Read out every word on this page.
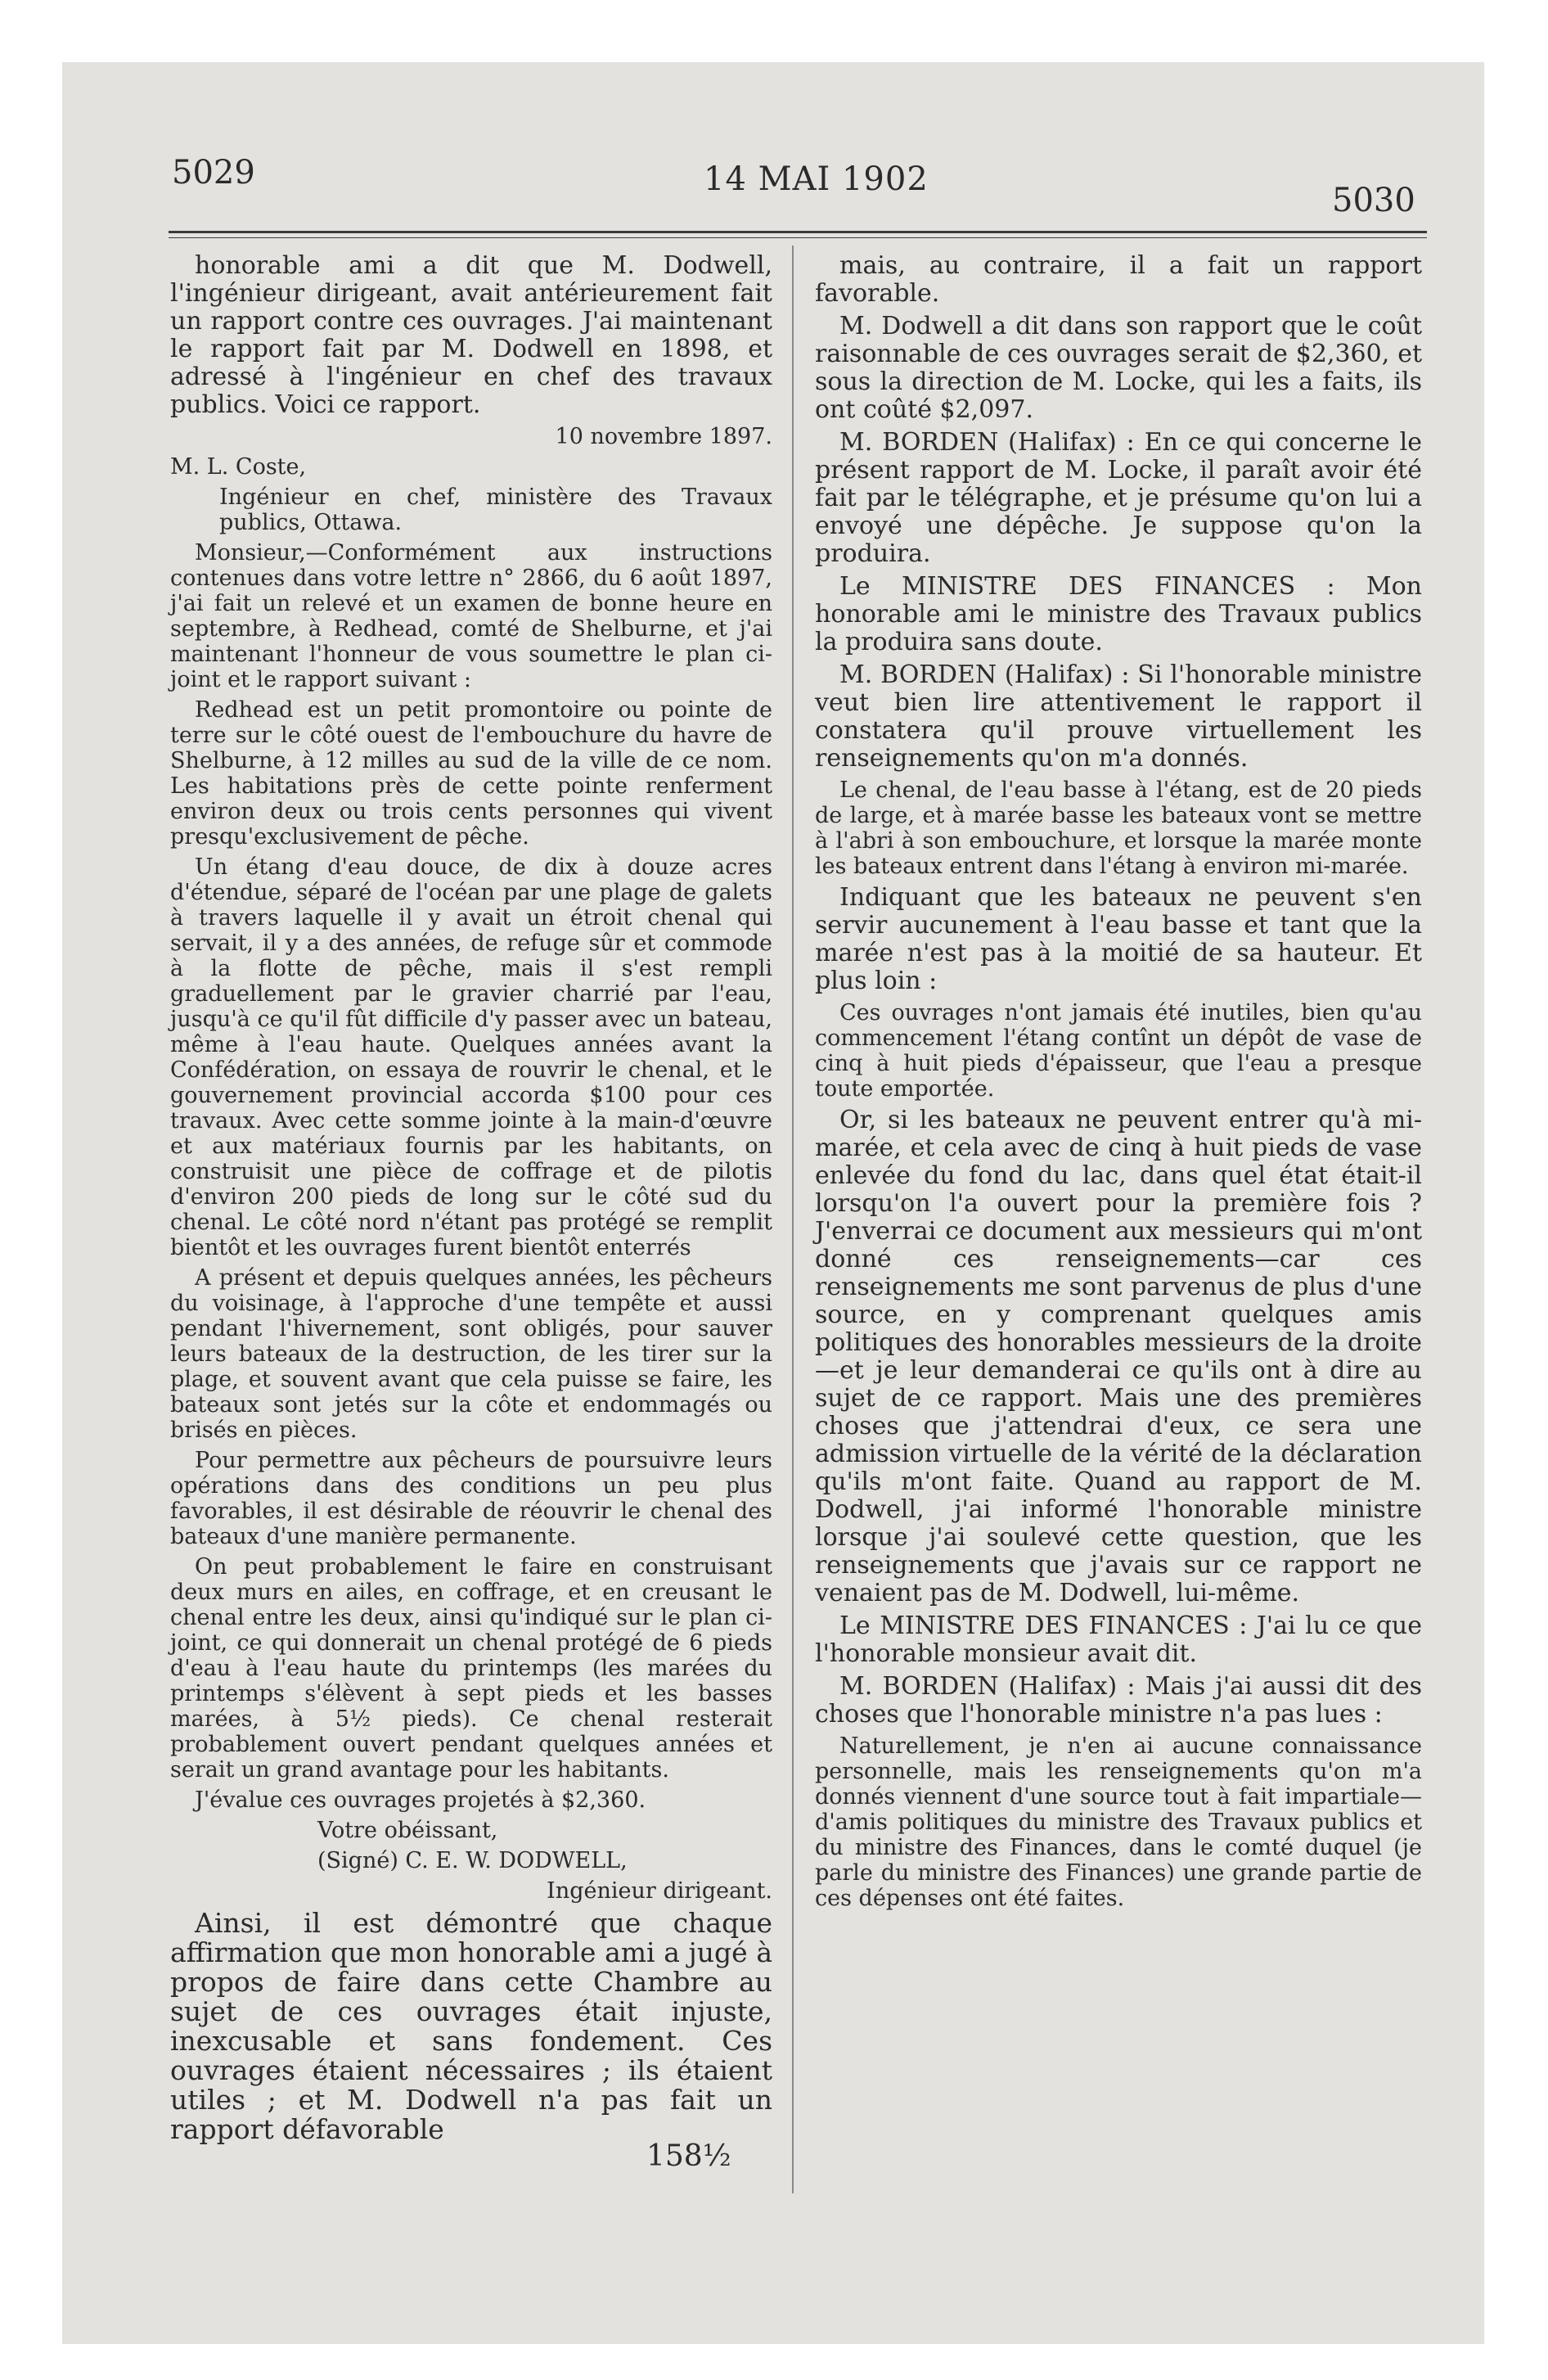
5029	14 MAI 1902
5030

honorable ami a dit que M. Dodwell, l'ingénieur dirigeant, avait antérieurement fait un rapport contre ces ouvrages. J'ai maintenant le rapport fait par M. Dodwell en 1898, et adressé à l'ingénieur en chef des travaux publics. Voici ce rapport.

10 novembre 1897.

M. L. Coste,

Ingénieur en chef, ministère des Travaux publics, Ottawa.

Monsieur,—Conformément aux instructions contenues dans votre lettre n° 2866, du 6 août 1897, j'ai fait un relevé et un examen de bonne heure en septembre, à Redhead, comté de Shelburne, et j'ai maintenant l'honneur de vous soumettre le plan ci-joint et le rapport suivant :

Redhead est un petit promontoire ou pointe de terre sur le côté ouest de l'embouchure du havre de Shelburne, à 12 milles au sud de la ville de ce nom. Les habitations près de cette pointe renferment environ deux ou trois cents personnes qui vivent presqu'exclusivement de pêche.

Un étang d'eau douce, de dix à douze acres d'étendue, séparé de l'océan par une plage de galets à travers laquelle il y avait un étroit chenal qui servait, il y a des années, de refuge sûr et commode à la flotte de pêche, mais il s'est rempli graduellement par le gravier charrié par l'eau, jusqu'à ce qu'il fût difficile d'y passer avec un bateau, même à l'eau haute. Quelques années avant la Confédération, on essaya de rouvrir le chenal, et le gouvernement provincial accorda $100 pour ces travaux. Avec cette somme jointe à la main-d'œuvre et aux matériaux fournis par les habitants, on construisit une pièce de coffrage et de pilotis d'environ 200 pieds de long sur le côté sud du chenal. Le côté nord n'étant pas protégé se remplit bientôt et les ouvrages furent bientôt enterrés

A présent et depuis quelques années, les pêcheurs du voisinage, à l'approche d'une tempête et aussi pendant l'hivernement, sont obligés, pour sauver leurs bateaux de la destruction, de les tirer sur la plage, et souvent avant que cela puisse se faire, les bateaux sont jetés sur la côte et endommagés ou brisés en pièces.

Pour permettre aux pêcheurs de poursuivre leurs opérations dans des conditions un peu plus favorables, il est désirable de réouvrir le chenal des bateaux d'une manière permanente.

On peut probablement le faire en construisant deux murs en ailes, en coffrage, et en creusant le chenal entre les deux, ainsi qu'indiqué sur le plan ci-joint, ce qui donnerait un chenal protégé de 6 pieds d'eau à l'eau haute du printemps (les marées du printemps s'élèvent à sept pieds et les basses marées, à 5½ pieds). Ce chenal resterait probablement ouvert pendant quelques années et serait un grand avantage pour les habitants.

J'évalue ces ouvrages projetés à $2,360.

Votre obéissant,

(Signé) C. E. W. DODWELL,

Ingénieur dirigeant.

Ainsi, il est démontré que chaque affirmation que mon honorable ami a jugé à propos de faire dans cette Chambre au sujet de ces ouvrages était injuste, inexcusable et sans fondement. Ces ouvrages étaient nécessaires ; ils étaient utiles ; et M. Dodwell n'a pas fait un rapport défavorable

mais, au contraire, il a fait un rapport favorable.

M. Dodwell a dit dans son rapport que le coût raisonnable de ces ouvrages serait de $2,360, et sous la direction de M. Locke, qui les a faits, ils ont coûté $2,097.

M. BORDEN (Halifax) : En ce qui concerne le présent rapport de M. Locke, il paraît avoir été fait par le télégraphe, et je présume qu'on lui a envoyé une dépêche. Je suppose qu'on la produira.

Le MINISTRE DES FINANCES : Mon honorable ami le ministre des Travaux publics la produira sans doute.

M. BORDEN (Halifax) : Si l'honorable ministre veut bien lire attentivement le rapport il constatera qu'il prouve virtuellement les renseignements qu'on m'a donnés.

Le chenal, de l'eau basse à l'étang, est de 20 pieds de large, et à marée basse les bateaux vont se mettre à l'abri à son embouchure, et lorsque la marée monte les bateaux entrent dans l'étang à environ mi-marée.

Indiquant que les bateaux ne peuvent s'en servir aucunement à l'eau basse et tant que la marée n'est pas à la moitié de sa hauteur. Et plus loin :

Ces ouvrages n'ont jamais été inutiles, bien qu'au commencement l'étang contînt un dépôt de vase de cinq à huit pieds d'épaisseur, que l'eau a presque toute emportée.

Or, si les bateaux ne peuvent entrer qu'à mi-marée, et cela avec de cinq à huit pieds de vase enlevée du fond du lac, dans quel état était-il lorsqu'on l'a ouvert pour la première fois ? J'enverrai ce document aux messieurs qui m'ont donné ces renseignements—car ces renseignements me sont parvenus de plus d'une source, en y comprenant quelques amis politiques des honorables messieurs de la droite—et je leur demanderai ce qu'ils ont à dire au sujet de ce rapport. Mais une des premières choses que j'attendrai d'eux, ce sera une admission virtuelle de la vérité de la déclaration qu'ils m'ont faite. Quand au rapport de M. Dodwell, j'ai informé l'honorable ministre lorsque j'ai soulevé cette question, que les renseignements que j'avais sur ce rapport ne venaient pas de M. Dodwell, lui-même.

Le MINISTRE DES FINANCES : J'ai lu ce que l'honorable monsieur avait dit.

M. BORDEN (Halifax) : Mais j'ai aussi dit des choses que l'honorable ministre n'a pas lues :

Naturellement, je n'en ai aucune connaissance personnelle, mais les renseignements qu'on m'a donnés viennent d'une source tout à fait impartiale—d'amis politiques du ministre des Travaux publics et du ministre des Finances, dans le comté duquel (je parle du ministre des Finances) une grande partie de ces dépenses ont été faites.

158½
